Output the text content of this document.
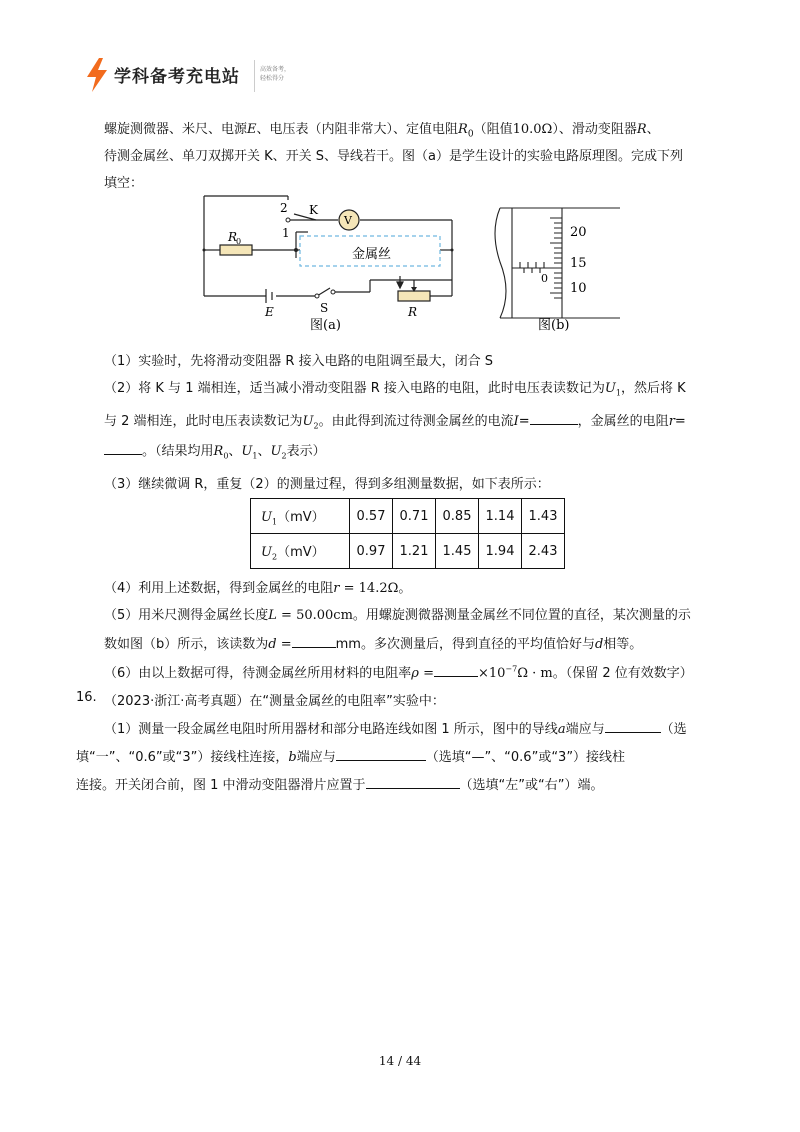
学科备考充电站	高效备考，
轻松得分
螺旋测微器、米尺、电源E、电压表（内阻非常大）、定值电阻$R_0$（阻值10.0Ω）、滑动变阻器R、
待测金属丝、单刀双掷开关 K、开关 S、导线若干。图（a）是学生设计的实验电路原理图。完成下列
填空：
2
1
K
V
R
0
金属丝
E	S	R
图(a)
20
15
10
0
图(b)
（1）实验时，先将滑动变阻器 R 接入电路的电阻调至最大，闭合 S
（2）将 K 与 1 端相连，适当减小滑动变阻器 R 接入电路的电阻，此时电压表读数记为$U_1$，然后将 K
与 2 端相连，此时电压表读数记为$U_2$。由此得到流过待测金属丝的电流I=	，金属丝的电阻r=
。（结果均用$R_0$、$U_1$、$U_2$表示）
（3）继续微调 R，重复（2）的测量过程，得到多组测量数据，如下表所示：
$U_1(mV)$	0.57	0.71	0.85	1.14	1.43
$U_2(mV)$	0.97	1.21	1.45	1.94	2.43
（4）利用上述数据，得到金属丝的电阻r = 14.2Ω。
（5）用米尺测得金属丝长度L = 50.00cm。用螺旋测微器测量金属丝不同位置的直径，某次测量的示
数如图（b）所示，该读数为d =	mm。多次测量后，得到直径的平均值恰好与d相等。
（6）由以上数据可得，待测金属丝所用材料的电阻率ρ =	$\times 10^{-7}\Omega \cdot m$。（保留 2 位有效数字）
16. （2023·浙江·高考真题）在“测量金属丝的电阻率”实验中：
（1）测量一段金属丝电阻时所用器材和部分电路连线如图 1 所示，图中的导线a端应与	（选
填“一”、“0.6”或“3”）接线柱连接，b端应与	（选填“—”、“0.6”或“3”）接线柱
连接。开关闭合前，图 1 中滑动变阻器滑片应置于	（选填“左”或“右”）端。
14 / 44
